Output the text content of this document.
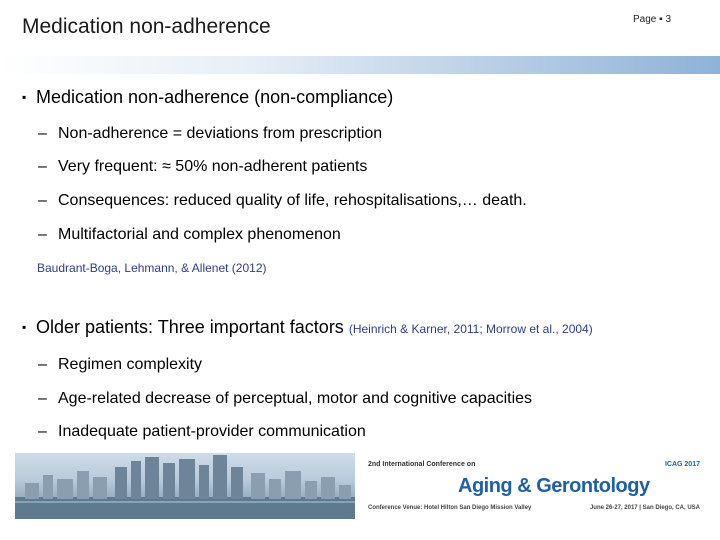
Medication non-adherence	Page ▪ 3
▪ Medication non-adherence (non-compliance)
– Non-adherence = deviations from prescription
– Very frequent: ≈ 50% non-adherent patients
– Consequences: reduced quality of life, rehospitalisations,… death.
– Multifactorial and complex phenomenon
Baudrant-Boga, Lehmann, & Allenet (2012)
▪ Older patients: Three important factors (Heinrich & Karner, 2011; Morrow et al., 2004)
– Regimen complexity
– Age-related decrease of perceptual, motor and cognitive capacities
– Inadequate patient-provider communication
2nd International Conference on
Aging & Gerontology
ICAG 2017
Conference Venue: Hotel Hilton San Diego Mission Valley	June 26-27, 2017 | San Diego, CA, USA
